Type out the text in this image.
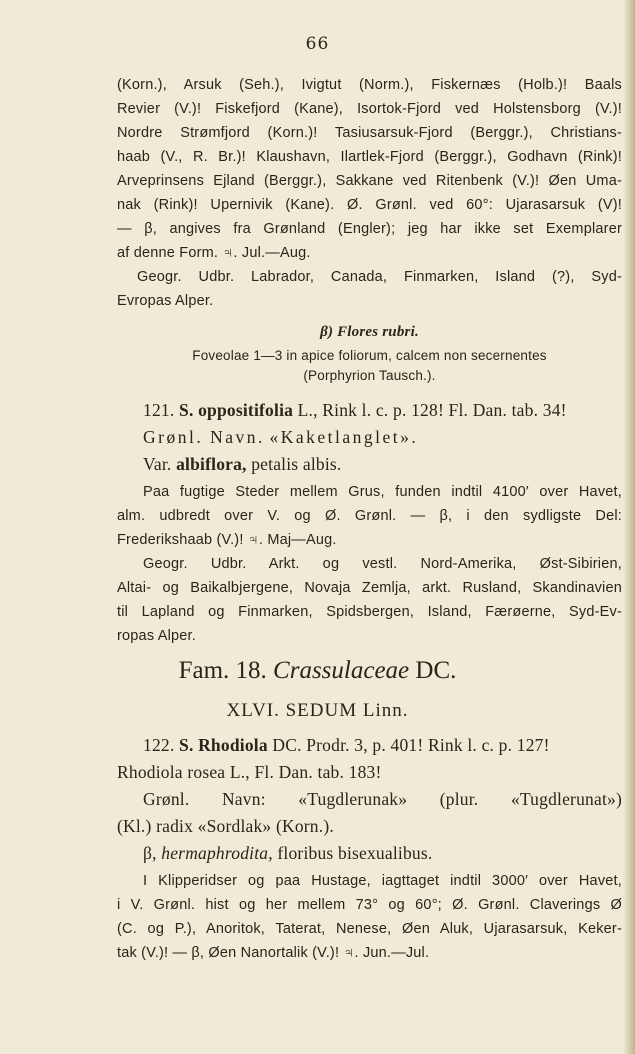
66
(Korn.), Arsuk (Seh.), Ivigtut (Norm.), Fiskernæs (Holb.)! Baals
Revier (V.)! Fiskefjord (Kane), Isortok-Fjord ved Holstensborg (V.)!
Nordre Strømfjord (Korn.)! Tasiusarsuk-Fjord (Berggr.), Christians-
haab (V., R. Br.)! Klaushavn, Ilartlek-Fjord (Berggr.), Godhavn (Rink)!
Arveprinsens Ejland (Berggr.), Sakkane ved Ritenbenk (V.)! Øen Uma-
nak (Rink)! Upernivik (Kane). Ø. Grønl. ved 60°: Ujarasarsuk (V)!
— β, angives fra Grønland (Engler); jeg har ikke set Exemplarer
af denne Form. ♃. Jul.—Aug.
Geogr. Udbr. Labrador, Canada, Finmarken, Island (?), Syd-
Evropas Alper.
β) Flores rubri.
Foveolae 1—3 in apice foliorum, calcem non secernentes
(Porphyrion Tausch.).
121. S. oppositifolia L., Rink l. c. p. 128! Fl. Dan. tab. 34!
Grønl. Navn. «Kaketlanglet».
Var. albiflora, petalis albis.
Paa fugtige Steder mellem Grus, funden indtil 4100′ over Havet,
alm. udbredt over V. og Ø. Grønl. — β, i den sydligste Del:
Frederikshaab (V.)! ♃. Maj—Aug.
Geogr. Udbr. Arkt. og vestl. Nord-Amerika, Øst-Sibirien,
Altai- og Baikalbjergene, Novaja Zemlja, arkt. Rusland, Skandinavien
til Lapland og Finmarken, Spidsbergen, Island, Færøerne, Syd-Ev-
ropas Alper.
Fam. 18. Crassulaceae DC.
XLVI. SEDUM Linn.
122. S. Rhodiola DC. Prodr. 3, p. 401! Rink l. c. p. 127!
Rhodiola rosea L., Fl. Dan. tab. 183!
Grønl. Navn: «Tugdlerunak» (plur. «Tugdlerunat»)
(Kl.) radix «Sordlak» (Korn.).
β, hermaphrodita, floribus bisexualibus.
I Klipperidser og paa Hustage, iagttaget indtil 3000′ over Havet,
i V. Grønl. hist og her mellem 73° og 60°; Ø. Grønl. Claverings Ø
(C. og P.), Anoritok, Taterat, Nenese, Øen Aluk, Ujarasarsuk, Keker-
tak (V.)! — β, Øen Nanortalik (V.)! ♃. Jun.—Jul.
